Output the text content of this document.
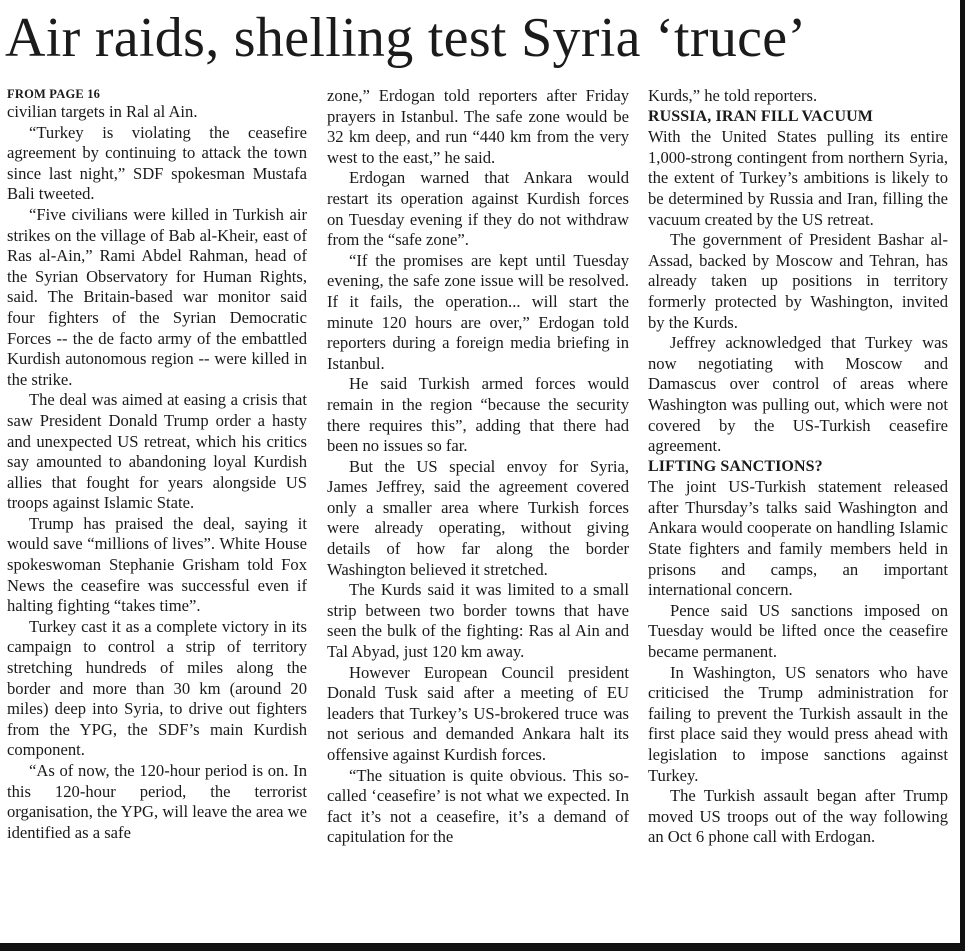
Air raids, shelling test Syria ‘truce’
FROM PAGE 16

civilian targets in Ral al Ain.

“Turkey is violating the ceasefire agreement by continuing to attack the town since last night,” SDF spokesman Mustafa Bali tweeted.

“Five civilians were killed in Turkish air strikes on the village of Bab al-Kheir, east of Ras al-Ain,” Rami Abdel Rahman, head of the Syrian Observatory for Human Rights, said. The Britain-based war monitor said four fighters of the Syrian Democratic Forces -- the de facto army of the embattled Kurdish autonomous region -- were killed in the strike.

The deal was aimed at easing a crisis that saw President Donald Trump order a hasty and unexpected US retreat, which his critics say amounted to abandoning loyal Kurdish allies that fought for years alongside US troops against Islamic State.

Trump has praised the deal, saying it would save “millions of lives”. White House spokeswoman Stephanie Grisham told Fox News the ceasefire was successful even if halting fighting “takes time”.

Turkey cast it as a complete victory in its campaign to control a strip of territory stretching hundreds of miles along the border and more than 30 km (around 20 miles) deep into Syria, to drive out fighters from the YPG, the SDF’s main Kurdish component.

“As of now, the 120-hour period is on. In this 120-hour period, the terrorist organisation, the YPG, will leave the area we identified as a safe

zone,” Erdogan told reporters after Friday prayers in Istanbul. The safe zone would be 32 km deep, and run “440 km from the very west to the east,” he said.

Erdogan warned that Ankara would restart its operation against Kurdish forces on Tuesday evening if they do not withdraw from the “safe zone”.

“If the promises are kept until Tuesday evening, the safe zone issue will be resolved. If it fails, the operation... will start the minute 120 hours are over,” Erdogan told reporters during a foreign media briefing in Istanbul.

He said Turkish armed forces would remain in the region “because the security there requires this”, adding that there had been no issues so far.

But the US special envoy for Syria, James Jeffrey, said the agreement covered only a smaller area where Turkish forces were already operating, without giving details of how far along the border Washington believed it stretched.

The Kurds said it was limited to a small strip between two border towns that have seen the bulk of the fighting: Ras al Ain and Tal Abyad, just 120 km away.

However European Council president Donald Tusk said after a meeting of EU leaders that Turkey’s US-brokered truce was not serious and demanded Ankara halt its offensive against Kurdish forces.

“The situation is quite obvious. This so-called ‘ceasefire’ is not what we expected. In fact it’s not a ceasefire, it’s a demand of capitulation for the

Kurds,” he told reporters.

RUSSIA, IRAN FILL VACUUM

With the United States pulling its entire 1,000-strong contingent from northern Syria, the extent of Turkey’s ambitions is likely to be determined by Russia and Iran, filling the vacuum created by the US retreat.

The government of President Bashar al-Assad, backed by Moscow and Tehran, has already taken up positions in territory formerly protected by Washington, invited by the Kurds.

Jeffrey acknowledged that Turkey was now negotiating with Moscow and Damascus over control of areas where Washington was pulling out, which were not covered by the US-Turkish ceasefire agreement.

LIFTING SANCTIONS?

The joint US-Turkish statement released after Thursday’s talks said Washington and Ankara would cooperate on handling Islamic State fighters and family members held in prisons and camps, an important international concern.

Pence said US sanctions imposed on Tuesday would be lifted once the ceasefire became permanent.

In Washington, US senators who have criticised the Trump administration for failing to prevent the Turkish assault in the first place said they would press ahead with legislation to impose sanctions against Turkey.

The Turkish assault began after Trump moved US troops out of the way following an Oct 6 phone call with Erdogan.
